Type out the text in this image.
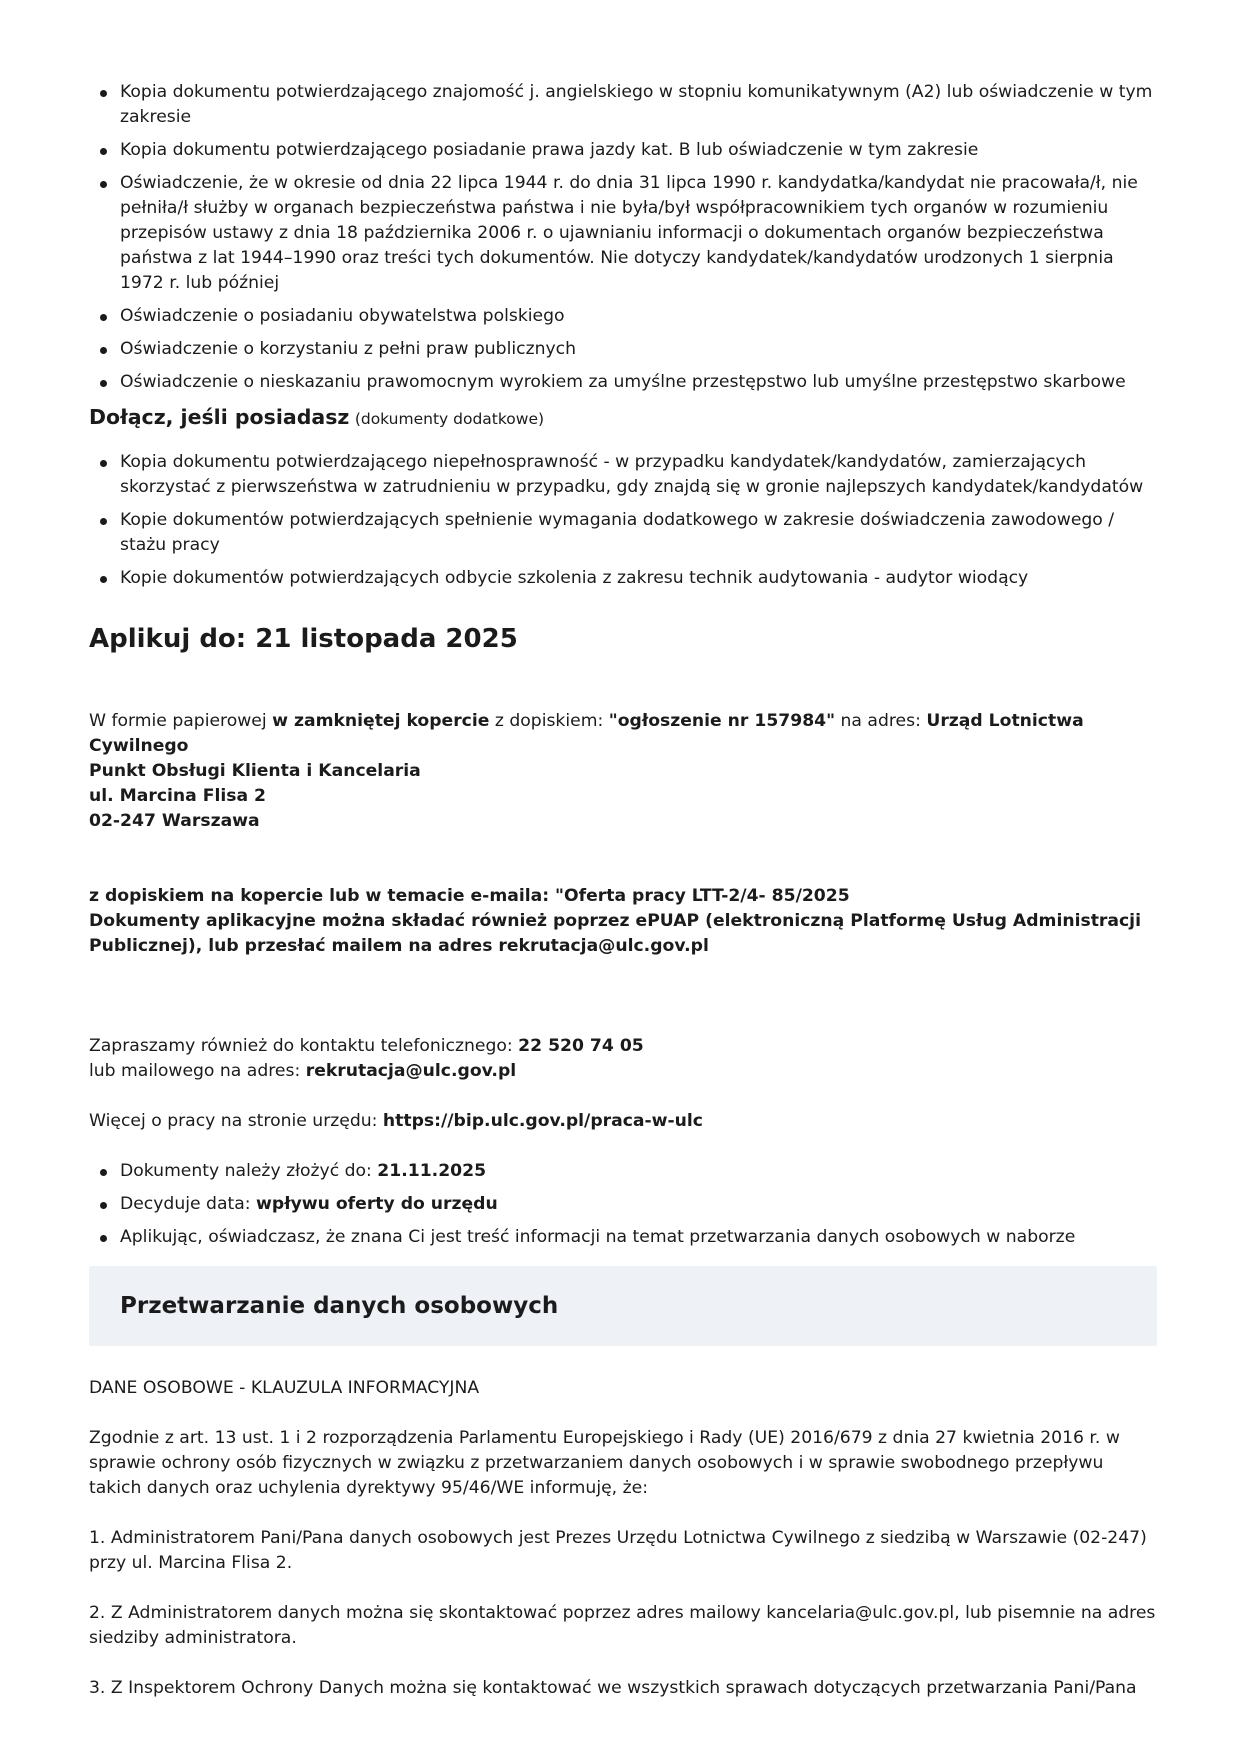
Kopia dokumentu potwierdzającego znajomość j. angielskiego w stopniu komunikatywnym (A2) lub oświadczenie w tym zakresie
Kopia dokumentu potwierdzającego posiadanie prawa jazdy kat. B lub oświadczenie w tym zakresie
Oświadczenie, że w okresie od dnia 22 lipca 1944 r. do dnia 31 lipca 1990 r. kandydatka/kandydat nie pracowała/ł, nie pełniła/ł służby w organach bezpieczeństwa państwa i nie była/był współpracownikiem tych organów w rozumieniu przepisów ustawy z dnia 18 października 2006 r. o ujawnianiu informacji o dokumentach organów bezpieczeństwa państwa z lat 1944–1990 oraz treści tych dokumentów. Nie dotyczy kandydatek/kandydatów urodzonych 1 sierpnia 1972 r. lub później
Oświadczenie o posiadaniu obywatelstwa polskiego
Oświadczenie o korzystaniu z pełni praw publicznych
Oświadczenie o nieskazaniu prawomocnym wyrokiem za umyślne przestępstwo lub umyślne przestępstwo skarbowe
Dołącz, jeśli posiadasz (dokumenty dodatkowe)
Kopia dokumentu potwierdzającego niepełnosprawność - w przypadku kandydatek/kandydatów, zamierzających skorzystać z pierwszeństwa w zatrudnieniu w przypadku, gdy znajdą się w gronie najlepszych kandydatek/kandydatów
Kopie dokumentów potwierdzających spełnienie wymagania dodatkowego w zakresie doświadczenia zawodowego / stażu pracy
Kopie dokumentów potwierdzających odbycie szkolenia z zakresu technik audytowania - audytor wiodący
Aplikuj do: 21 listopada 2025

W formie papierowej w zamkniętej kopercie z dopiskiem: "ogłoszenie nr 157984" na adres: Urząd Lotnictwa Cywilnego
Punkt Obsługi Klienta i Kancelaria
ul. Marcina Flisa 2
02-247 Warszawa

z dopiskiem na kopercie lub w temacie e-maila: "Oferta pracy LTT-2/4- 85/2025
Dokumenty aplikacyjne można składać również poprzez ePUAP (elektroniczną Platformę Usług Administracji Publicznej), lub przesłać mailem na adres rekrutacja@ulc.gov.pl

Zapraszamy również do kontaktu telefonicznego: 22 520 74 05
lub mailowego na adres: rekrutacja@ulc.gov.pl

Więcej o pracy na stronie urzędu: https://bip.ulc.gov.pl/praca-w-ulc

Dokumenty należy złożyć do: 21.11.2025
Decyduje data: wpływu oferty do urzędu
Aplikując, oświadczasz, że znana Ci jest treść informacji na temat przetwarzania danych osobowych w naborze
Przetwarzanie danych osobowych

DANE OSOBOWE - KLAUZULA INFORMACYJNA

Zgodnie z art. 13 ust. 1 i 2 rozporządzenia Parlamentu Europejskiego i Rady (UE) 2016/679 z dnia 27 kwietnia 2016 r. w sprawie ochrony osób fizycznych w związku z przetwarzaniem danych osobowych i w sprawie swobodnego przepływu takich danych oraz uchylenia dyrektywy 95/46/WE informuję, że:

1. Administratorem Pani/Pana danych osobowych jest Prezes Urzędu Lotnictwa Cywilnego z siedzibą w Warszawie (02-247) przy ul. Marcina Flisa 2.

2. Z Administratorem danych można się skontaktować poprzez adres mailowy kancelaria@ulc.gov.pl, lub pisemnie na adres siedziby administratora.

3. Z Inspektorem Ochrony Danych można się kontaktować we wszystkich sprawach dotyczących przetwarzania Pani/Pana
